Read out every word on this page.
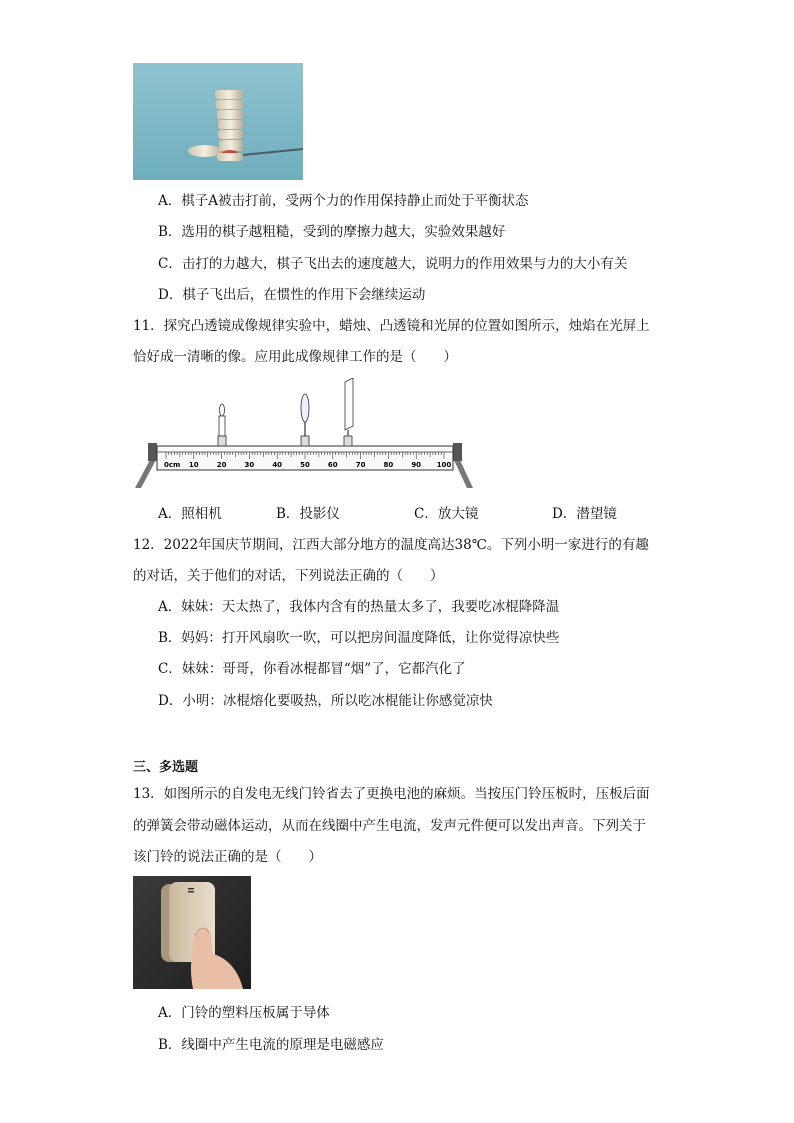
A．棋子A被击打前，受两个力的作用保持静止而处于平衡状态
B．选用的棋子越粗糙，受到的摩擦力越大，实验效果越好
C．击打的力越大，棋子飞出去的速度越大，说明力的作用效果与力的大小有关
D．棋子飞出后，在惯性的作用下会继续运动
11．探究凸透镜成像规律实验中，蜡烛、凸透镜和光屏的位置如图所示，烛焰在光屏上
恰好成一清晰的像。应用此成像规律工作的是（　　）
0cm 10	20	30	40	50	60	70	80	90 100
A．照相机	B．投影仪	C．放大镜	D．潜望镜
12．2022年国庆节期间，江西大部分地方的温度高达38℃。下列小明一家进行的有趣
的对话，关于他们的对话，下列说法正确的（　　）
A．妹妹：天太热了，我体内含有的热量太多了，我要吃冰棍降降温
B．妈妈：打开风扇吹一吹，可以把房间温度降低，让你觉得凉快些
C．妹妹：哥哥，你看冰棍都冒“烟”了，它都汽化了
D．小明：冰棍熔化要吸热，所以吃冰棍能让你感觉凉快
三、多选题
13．如图所示的自发电无线门铃省去了更换电池的麻烦。当按压门铃压板时，压板后面
的弹簧会带动磁体运动，从而在线圈中产生电流，发声元件便可以发出声音。下列关于
该门铃的说法正确的是（　　）
A．门铃的塑料压板属于导体
B．线圈中产生电流的原理是电磁感应
